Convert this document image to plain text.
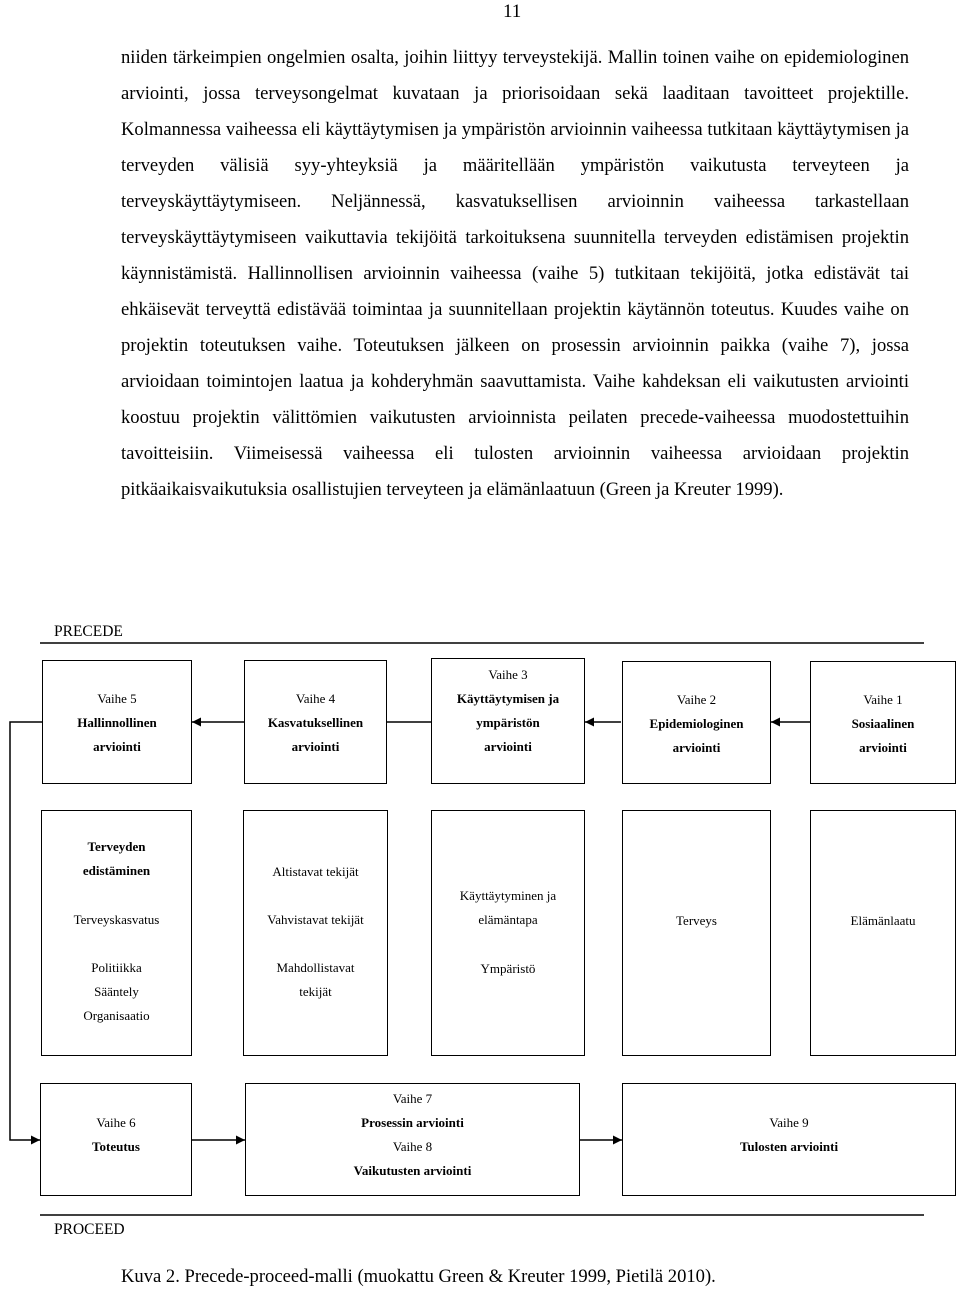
11

niiden tärkeimpien ongelmien osalta, joihin liittyy terveystekijä. Mallin toinen vaihe on epidemiologinen arviointi, jossa terveysongelmat kuvataan ja priorisoidaan sekä laaditaan tavoitteet projektille. Kolmannessa vaiheessa eli käyttäytymisen ja ympäristön arvioinnin vaiheessa tutkitaan käyttäytymisen ja terveyden välisiä syy-yhteyksiä ja määritellään ympäristön vaikutusta terveyteen ja terveyskäyttäytymiseen. Neljännessä, kasvatuksellisen arvioinnin vaiheessa tarkastellaan terveyskäyttäytymiseen vaikuttavia tekijöitä tarkoituksena suunnitella terveyden edistämisen projektin käynnistämistä. Hallinnollisen arvioinnin vaiheessa (vaihe 5) tutkitaan tekijöitä, jotka edistävät tai ehkäisevät terveyttä edistävää toimintaa ja suunnitellaan projektin käytännön toteutus. Kuudes vaihe on projektin toteutuksen vaihe. Toteutuksen jälkeen on prosessin arvioinnin paikka (vaihe 7), jossa arvioidaan toimintojen laatua ja kohderyhmän saavuttamista. Vaihe kahdeksan eli vaikutusten arviointi koostuu projektin välittömien vaikutusten arvioinnista peilaten precede-vaiheessa muodostettuihin tavoitteisiin. Viimeisessä vaiheessa eli tulosten arvioinnin vaiheessa arvioidaan projektin pitkäaikaisvaikutuksia osallistujien terveyteen ja elämänlaatuun (Green ja Kreuter 1999).

PRECEDE
Vaihe 5
Hallinnollinen
arviointi
Vaihe 4
Kasvatuksellinen
arviointi
Vaihe 3
Käyttäytymisen ja
ympäristön
arviointi
Vaihe 2
Epidemiologinen
arviointi
Vaihe 1
Sosiaalinen
arviointi
Terveyden
edistäminen
Terveyskasvatus
Politiikka
Sääntely
Organisaatio
Altistavat tekijät
Vahvistavat tekijät
Mahdollistavat
tekijät
Käyttäytyminen ja
elämäntapa
Ympäristö
Terveys	Elämänlaatu
Vaihe 6
Toteutus
Vaihe 7
Prosessin arviointi
Vaihe 8
Vaikutusten arviointi
Vaihe 9
Tulosten arviointi
PROCEED
Kuva 2. Precede-proceed-malli (muokattu Green & Kreuter 1999, Pietilä 2010).
